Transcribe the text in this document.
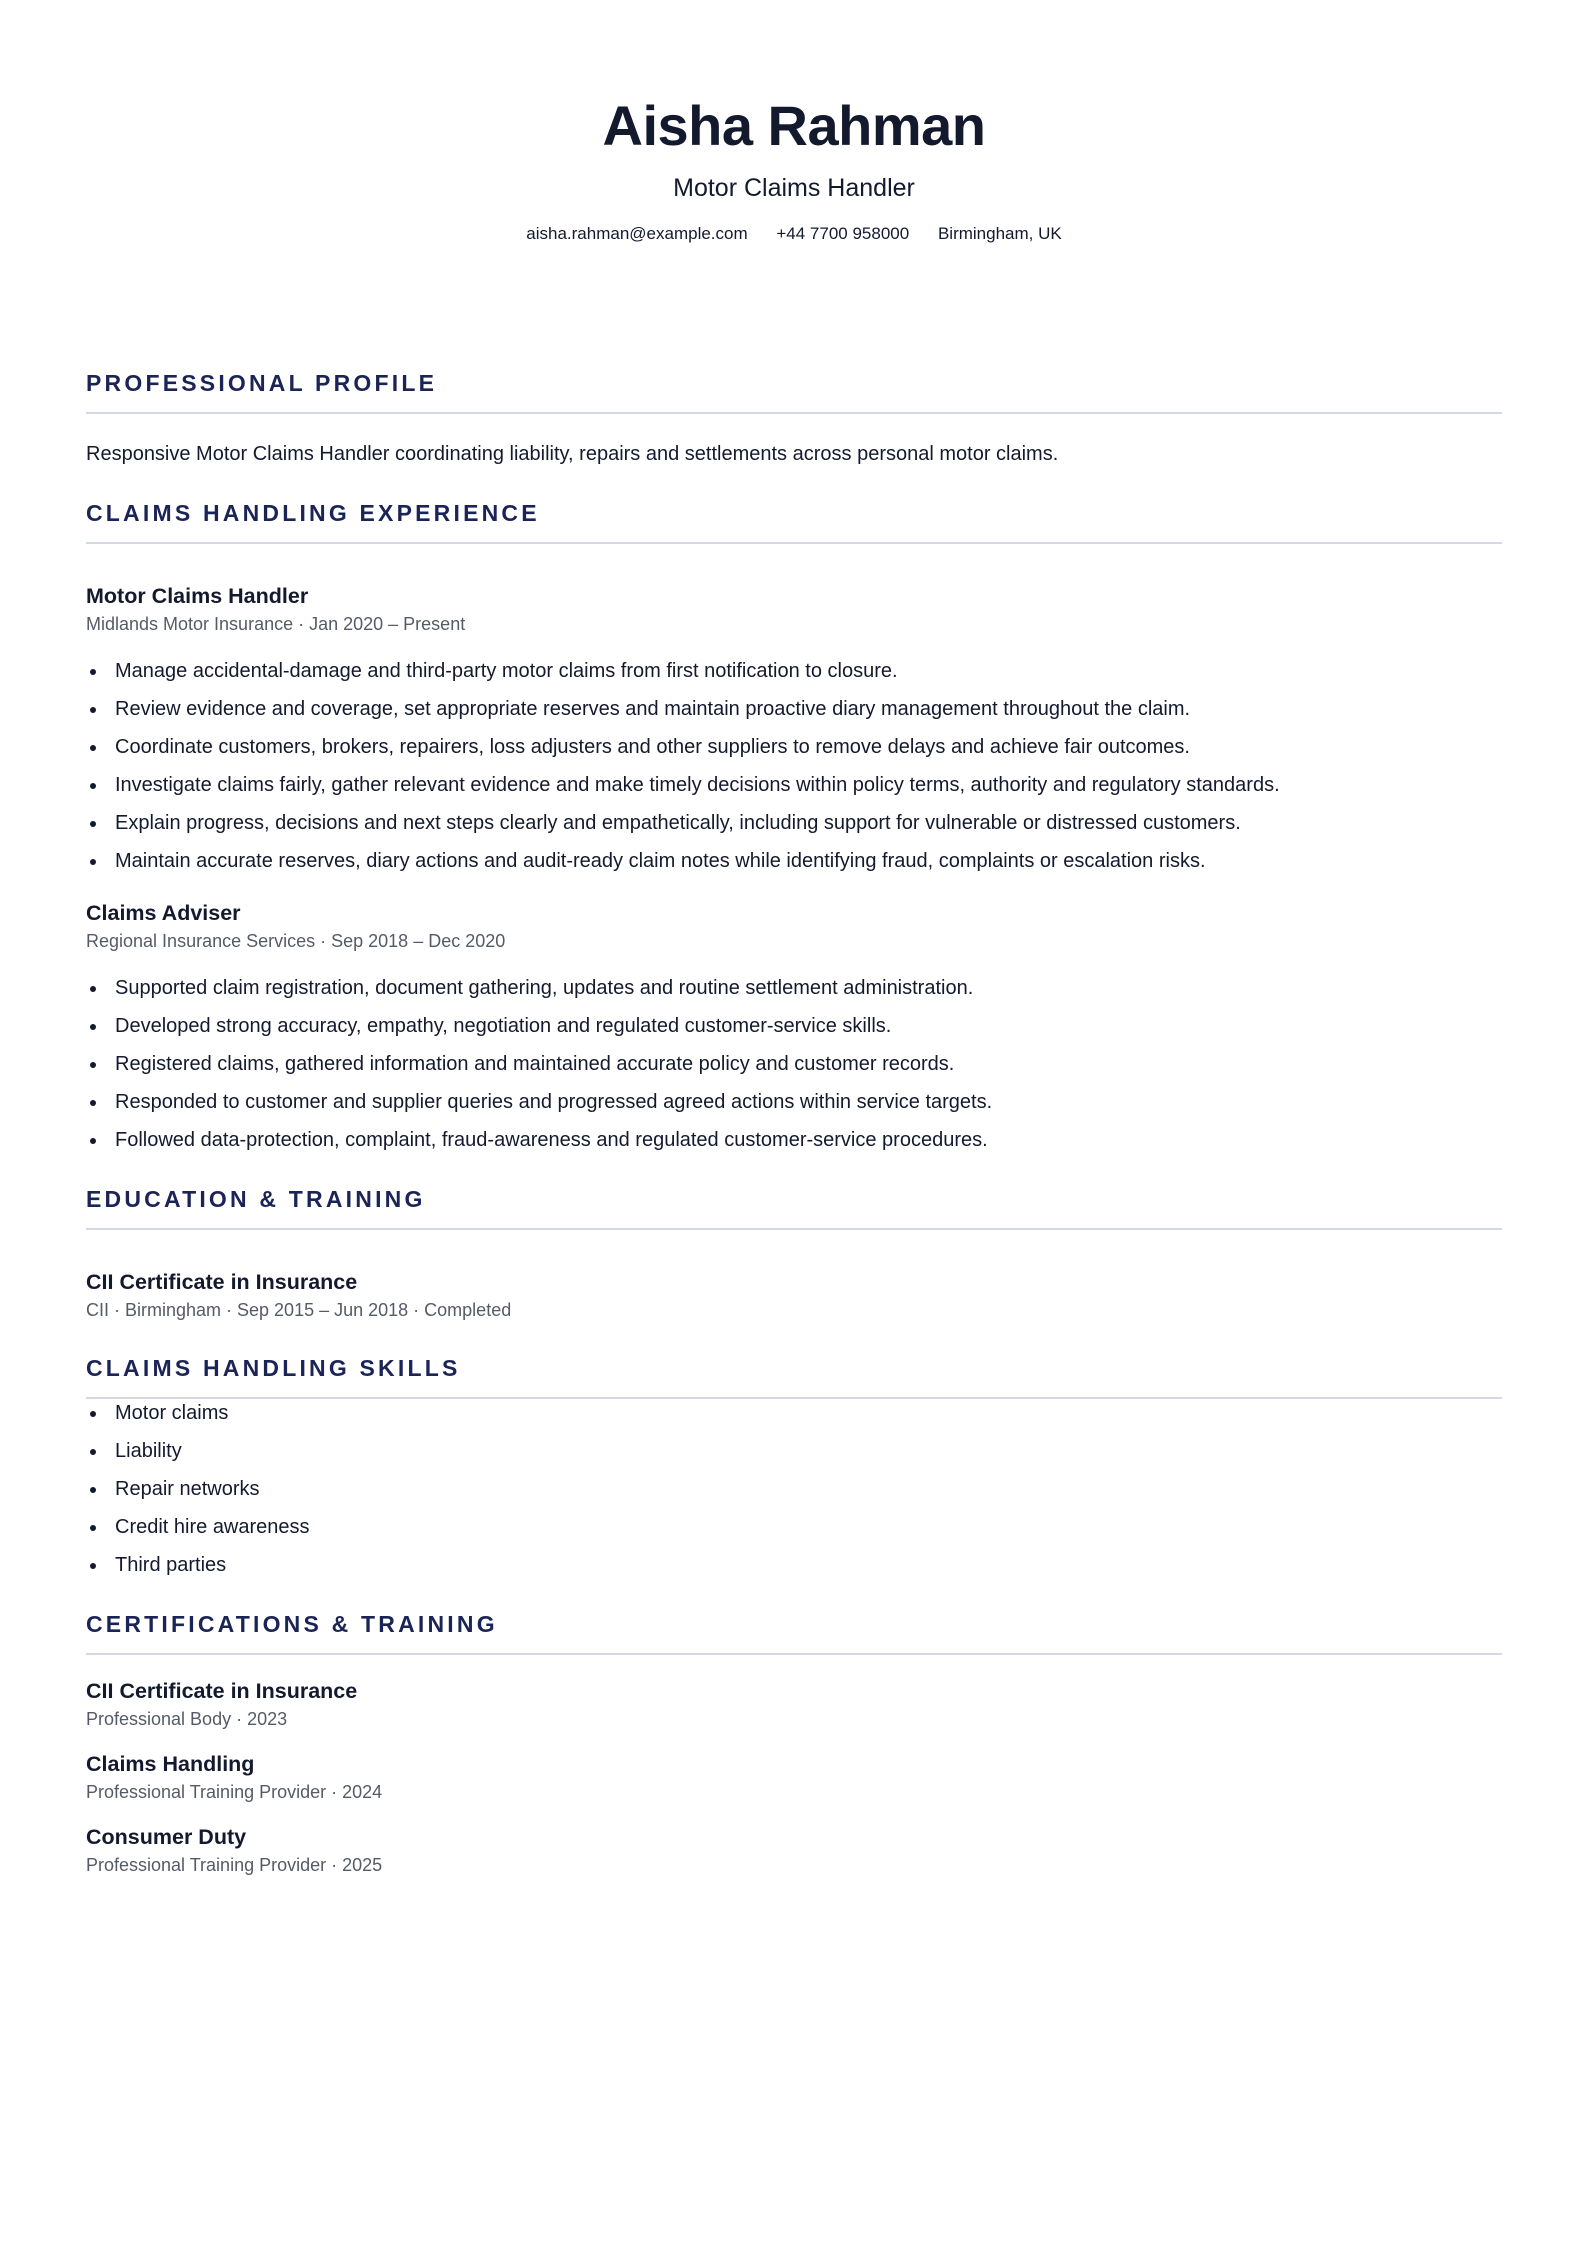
Aisha Rahman
Motor Claims Handler
aisha.rahman@example.com +44 7700 958000 Birmingham, UK
PROFESSIONAL PROFILE

Responsive Motor Claims Handler coordinating liability, repairs and settlements across personal motor claims.

CLAIMS HANDLING EXPERIENCE
Motor Claims Handler
Midlands Motor Insurance · Jan 2020 – Present
Manage accidental-damage and third-party motor claims from first notification to closure.
Review evidence and coverage, set appropriate reserves and maintain proactive diary management throughout the claim.
Coordinate customers, brokers, repairers, loss adjusters and other suppliers to remove delays and achieve fair outcomes.
Investigate claims fairly, gather relevant evidence and make timely decisions within policy terms, authority and regulatory standards.
Explain progress, decisions and next steps clearly and empathetically, including support for vulnerable or distressed customers.
Maintain accurate reserves, diary actions and audit-ready claim notes while identifying fraud, complaints or escalation risks.
Claims Adviser
Regional Insurance Services · Sep 2018 – Dec 2020
Supported claim registration, document gathering, updates and routine settlement administration.
Developed strong accuracy, empathy, negotiation and regulated customer-service skills.
Registered claims, gathered information and maintained accurate policy and customer records.
Responded to customer and supplier queries and progressed agreed actions within service targets.
Followed data-protection, complaint, fraud-awareness and regulated customer-service procedures.
EDUCATION & TRAINING
CII Certificate in Insurance
CII · Birmingham · Sep 2015 – Jun 2018 · Completed
CLAIMS HANDLING SKILLS
Motor claims
Liability
Repair networks
Credit hire awareness
Third parties
CERTIFICATIONS & TRAINING
CII Certificate in Insurance
Professional Body · 2023
Claims Handling
Professional Training Provider · 2024
Consumer Duty
Professional Training Provider · 2025
